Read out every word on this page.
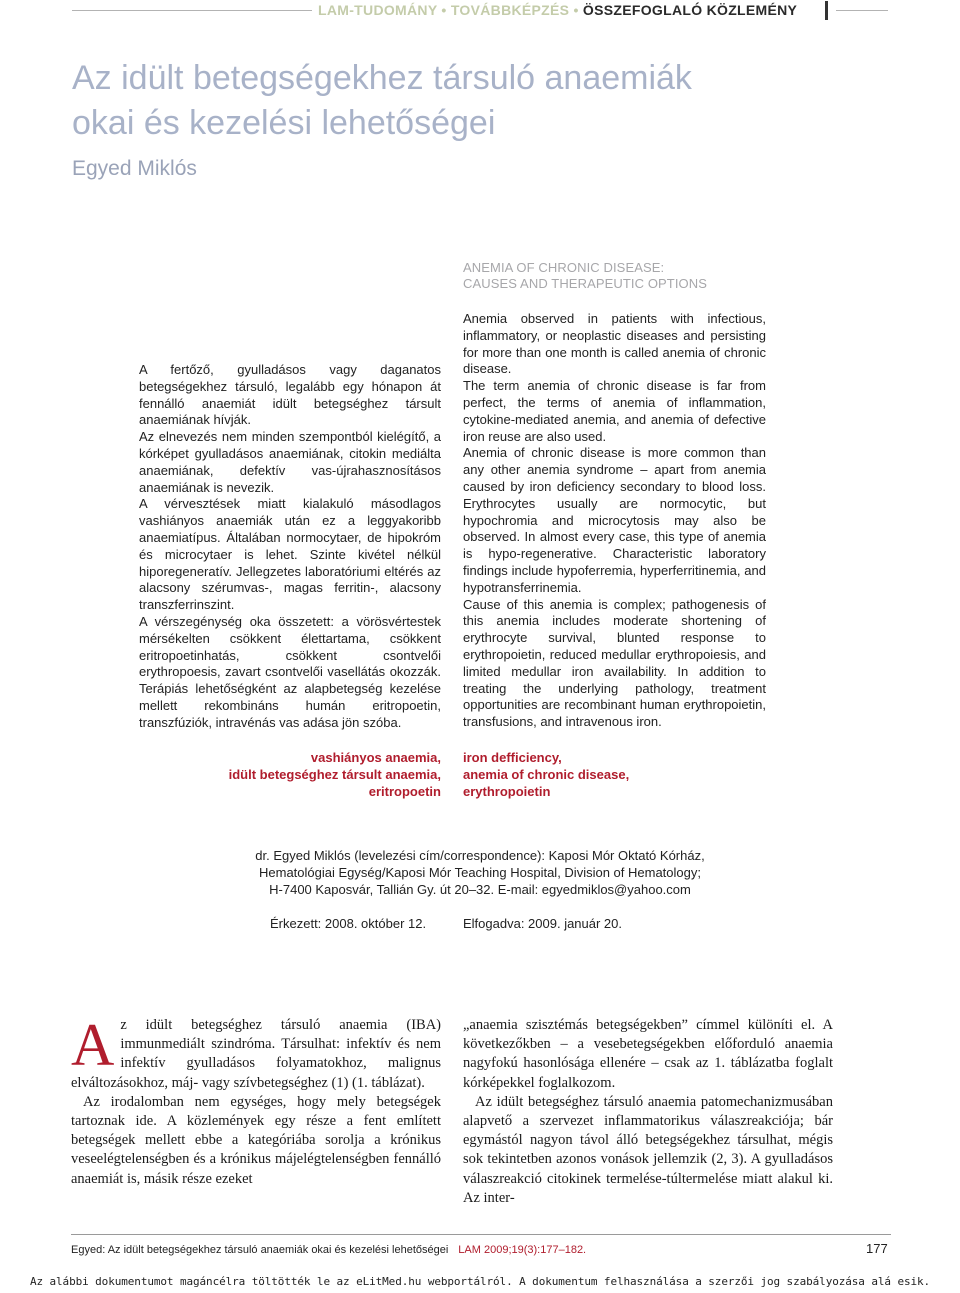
LAM-TUDOMÁNY • TOVÁBBKÉPZÉS • ÖSSZEFOGLALÓ KÖZLEMÉNY
Az idült betegségekhez társuló anaemiák
okai és kezelési lehetőségei
Egyed Miklós
ANEMIA OF CHRONIC DISEASE:
CAUSES AND THERAPEUTIC OPTIONS

Anemia observed in patients with infectious, inflammatory, or neoplastic diseases and persisting for more than one month is called anemia of chronic disease.

The term anemia of chronic disease is far from perfect, the terms of anemia of inflammation, cytokine-mediated anemia, and anemia of defective iron reuse are also used.

Anemia of chronic disease is more common than any other anemia syndrome – apart from anemia caused by iron deficiency secondary to blood loss. Erythrocytes usually are normocytic, but hypochromia and microcytosis may also be observed. In almost every case, this type of anemia is hypo-regenerative. Characteristic laboratory findings include hypoferremia, hyperferritinemia, and hypotransferrinemia.

Cause of this anemia is complex; pathogenesis of this anemia includes moderate shortening of erythrocyte survival, blunted response to erythropoietin, reduced medullar erythropoiesis, and limited medullar iron availability. In addition to treating the underlying pathology, treatment opportunities are recombinant human erythropoietin, transfusions, and intravenous iron.

A fertőző, gyulladásos vagy daganatos betegségekhez társuló, legalább egy hónapon át fennálló anaemiát idült betegséghez társult anaemiának hívják.

Az elnevezés nem minden szempontból kielégítő, a kórképet gyulladásos anaemiának, citokin mediálta anaemiának, defektív vas-újrahasznosításos anaemiának is nevezik.

A vérvesztések miatt kialakuló másodlagos vashiányos anaemiák után ez a leggyakoribb anaemiatípus. Általában normocytaer, de hipokróm és microcytaer is lehet. Szinte kivétel nélkül hiporegeneratív. Jellegzetes laboratóriumi eltérés az alacsony szérumvas-, magas ferritin-, alacsony transzferrinszint.

A vérszegénység oka összetett: a vörösvértestek mérsékelten csökkent élettartama, csökkent eritropoetinhatás, csökkent csontvelői erythropoesis, zavart csontvelői vasellátás okozzák. Terápiás lehetőségként az alapbetegség kezelése mellett rekombináns humán eritropoetin, transzfúziók, intravénás vas adása jön szóba.

vashiányos anaemia,
idült betegséghez társult anaemia,
eritropoetin
iron defficiency,
anemia of chronic disease,
erythropoietin
dr. Egyed Miklós (levelezési cím/correspondence): Kaposi Mór Oktató Kórház,
Hematológiai Egység/Kaposi Mór Teaching Hospital, Division of Hematology;
H-7400 Kaposvár, Tallián Gy. út 20–32. E-mail: egyedmiklos@yahoo.com
Érkezett: 2008. október 12.	Elfogadva: 2009. január 20.

Az idült betegséghez társuló anaemia (IBA) immunmediált szindróma. Társulhat: infektív és nem infektív gyulladásos folyamatokhoz, malignus elváltozásokhoz, máj- vagy szívbetegséghez (1) (1. táblázat).

Az irodalomban nem egységes, hogy mely betegségek tartoznak ide. A közlemények egy része a fent említett betegségek mellett ebbe a kategóriába sorolja a krónikus veseelégtelenségben és a krónikus májelégtelenségben fennálló anaemiát is, másik része ezeket

„anaemia szisztémás betegségekben” címmel különíti el. A következőkben – a vesebetegségekben előforduló anaemia nagyfokú hasonlósága ellenére – csak az 1. táblázatba foglalt kórképekkel foglalkozom.

Az idült betegséghez társuló anaemia patomechanizmusában alapvető a szervezet inflammatorikus válaszreakciója; bár egymástól nagyon távol álló betegségekhez társulhat, mégis sok tekintetben azonos vonások jellemzik (2, 3). A gyulladásos válaszreakció citokinek termelése-túltermelése miatt alakul ki. Az inter-

Egyed: Az idült betegségekhez társuló anaemiák okai és kezelési lehetőségei LAM 2009;19(3):177–182.	177
Az alábbi dokumentumot magáncélra töltötték le az eLitMed.hu webportálról. A dokumentum felhasználása a szerzői jog szabályozása alá esik.
